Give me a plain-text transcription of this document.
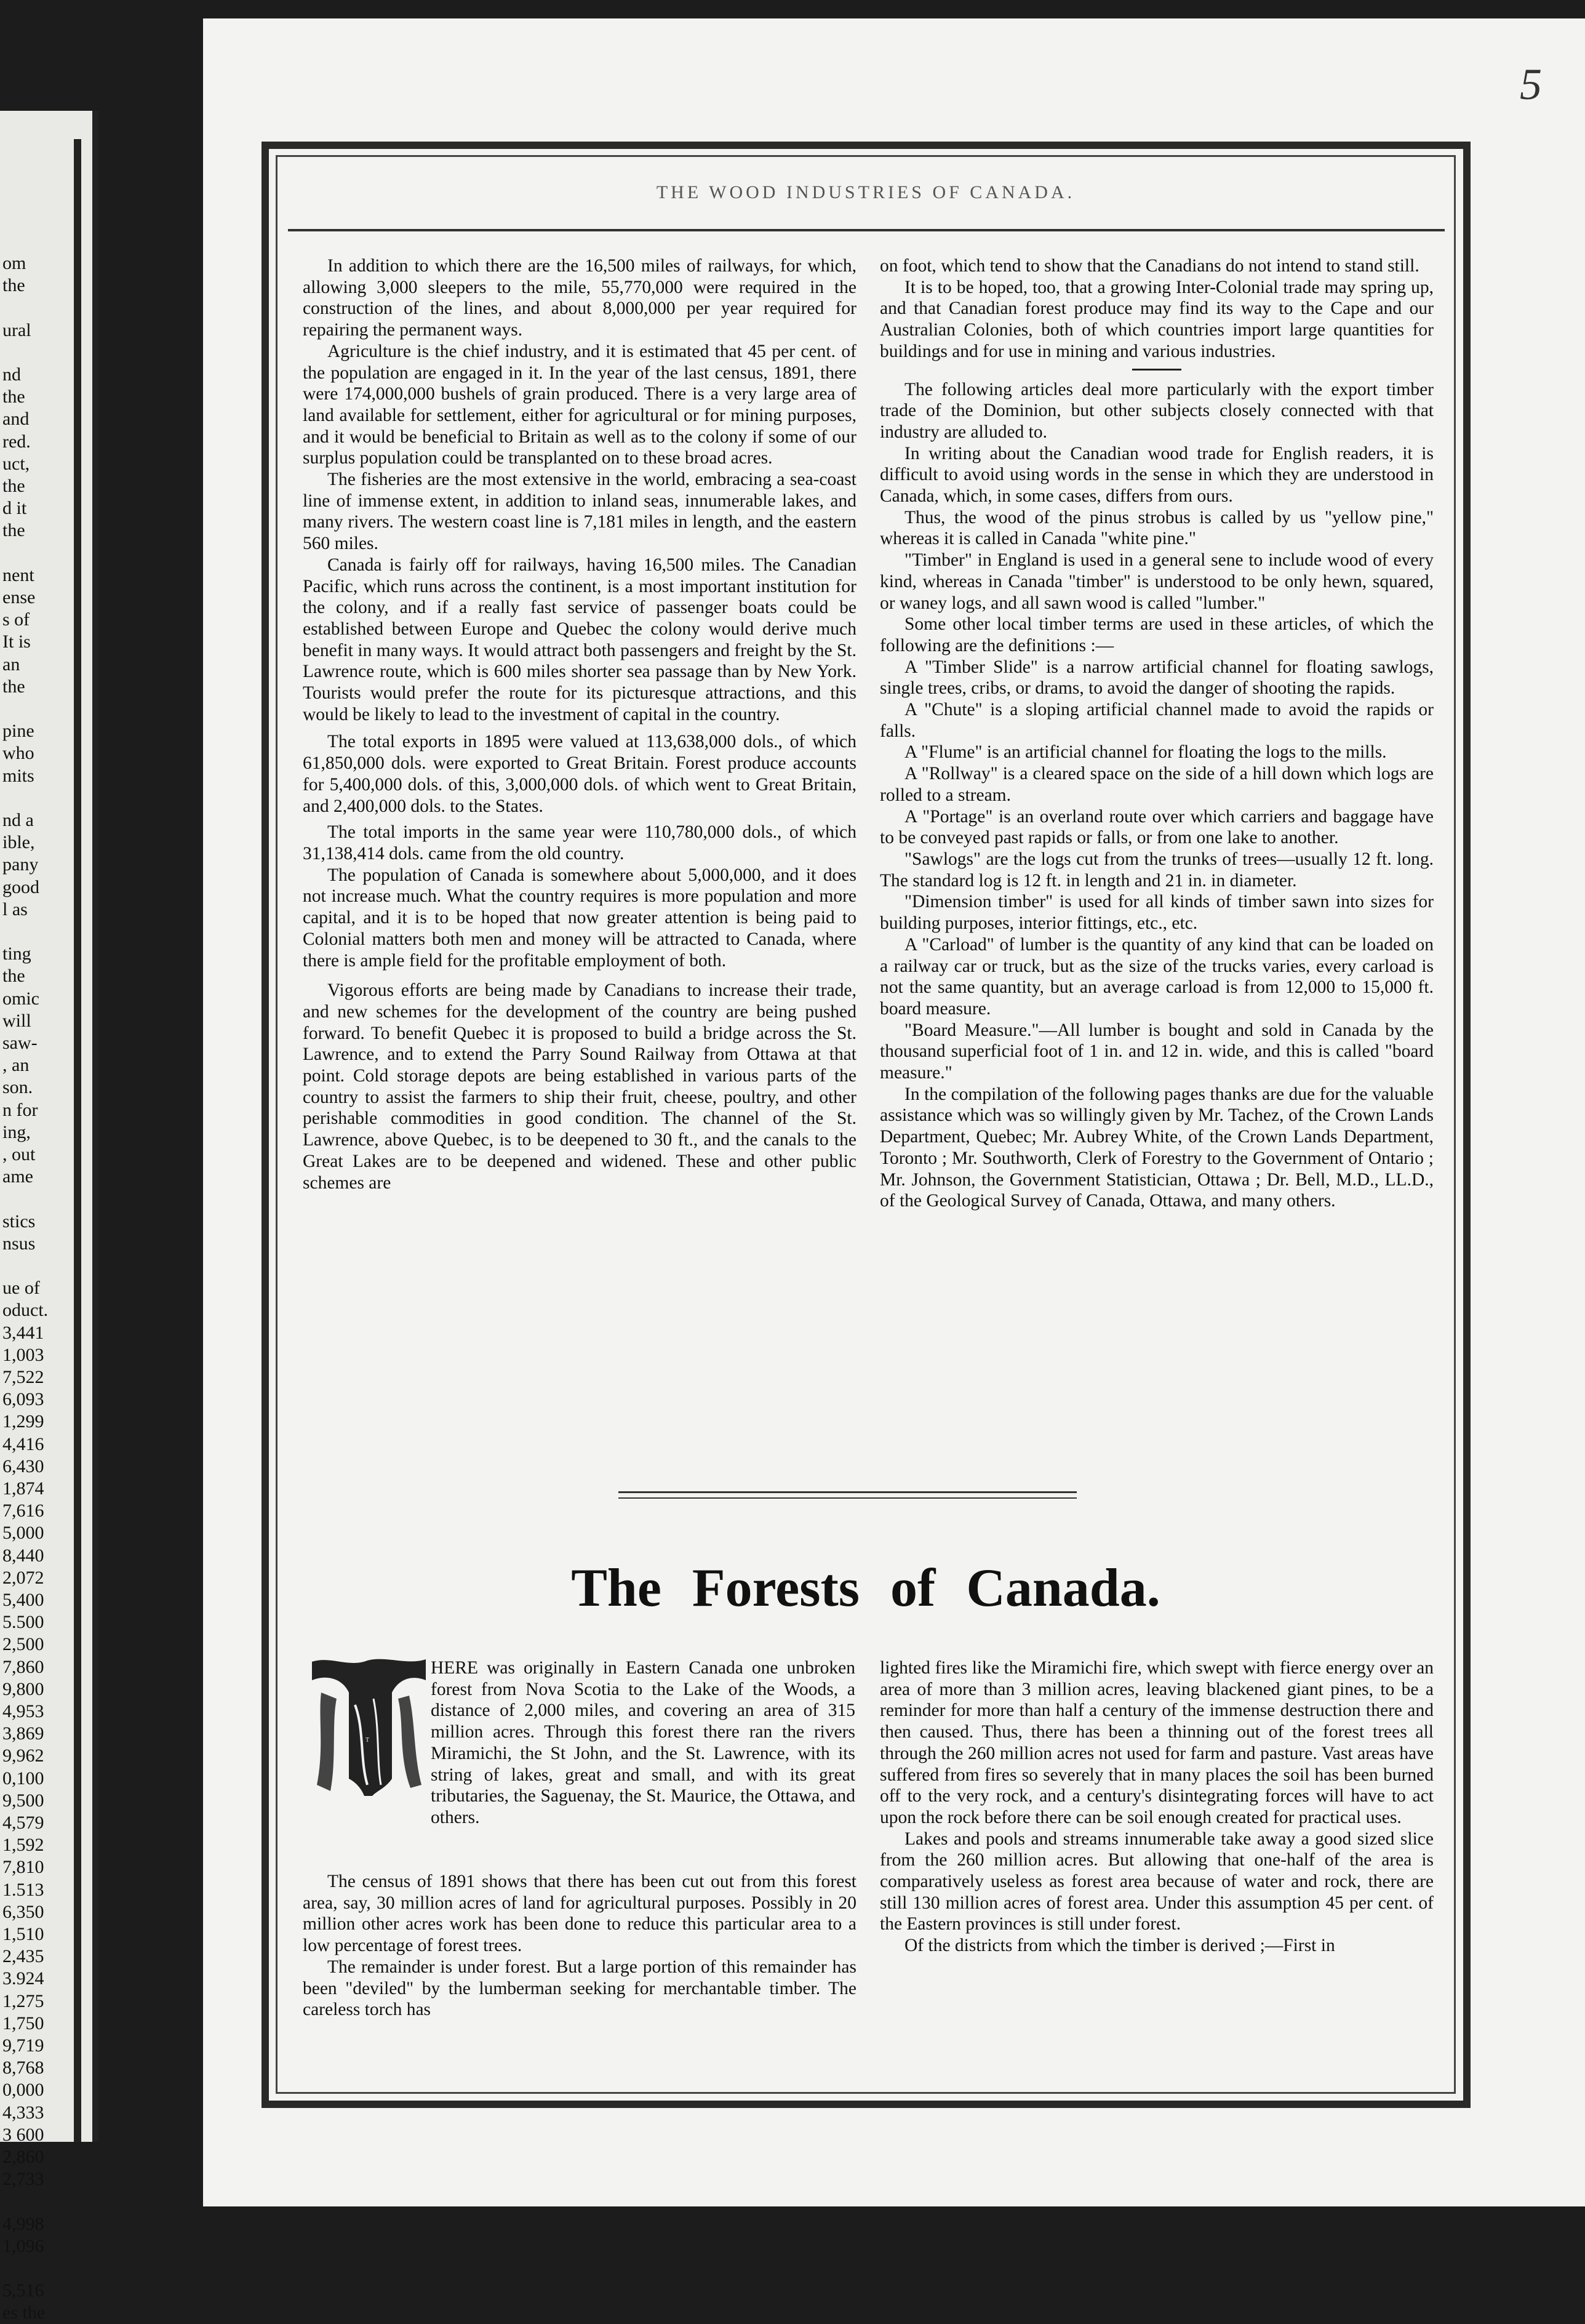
om
the
ural
nd
the
and
red.
uct,
the
d it
the
nent
ense
s of
It is
an
the
pine
who
mits
nd a
ible,
pany
good
l as
ting
the
omic
will
saw-
, an
son.
n for
ing,
, out
ame
stics
nsus
ue of
oduct.
3,441
1,003
7,522
6,093
1,299
4,416
6,430
1,874
7,616
5,000
8,440
2,072
5,400
5.500
2,500
7,860
9,800
4,953
3,869
9,962
0,100
9,500
4,579
1,592
7,810
1.513
6,350
1,510
2,435
3.924
1,275
1,750
9,719
8,768
0,000
4,333
3 600
2,860
2,733
4,998
1,096
5,516
es the
5
THE WOOD INDUSTRIES OF CANADA.

In addition to which there are the 16,500 miles of railways, for which, allowing 3,000 sleepers to the mile, 55,770,000 were required in the construction of the lines, and about 8,000,000 per year required for repairing the permanent ways.

Agriculture is the chief industry, and it is estimated that 45 per cent. of the population are engaged in it. In the year of the last census, 1891, there were 174,000,000 bushels of grain produced. There is a very large area of land available for settlement, either for agricultural or for mining purposes, and it would be beneficial to Britain as well as to the colony if some of our surplus population could be transplanted on to these broad acres.

The fisheries are the most extensive in the world, embracing a sea-coast line of immense extent, in addition to inland seas, innumerable lakes, and many rivers. The western coast line is 7,181 miles in length, and the eastern 560 miles.

Canada is fairly off for railways, having 16,500 miles. The Canadian Pacific, which runs across the continent, is a most important institution for the colony, and if a really fast service of passenger boats could be established between Europe and Quebec the colony would derive much benefit in many ways. It would attract both passengers and freight by the St. Lawrence route, which is 600 miles shorter sea passage than by New York. Tourists would prefer the route for its picturesque attractions, and this would be likely to lead to the investment of capital in the country.

The total exports in 1895 were valued at 113,638,000 dols., of which 61,850,000 dols. were exported to Great Britain. Forest produce accounts for 5,400,000 dols. of this, 3,000,000 dols. of which went to Great Britain, and 2,400,000 dols. to the States.

The total imports in the same year were 110,780,000 dols., of which 31,138,414 dols. came from the old country.

The population of Canada is somewhere about 5,000,000, and it does not increase much. What the country requires is more population and more capital, and it is to be hoped that now greater attention is being paid to Colonial matters both men and money will be attracted to Canada, where there is ample field for the profitable employment of both.

Vigorous efforts are being made by Canadians to increase their trade, and new schemes for the development of the country are being pushed forward. To benefit Quebec it is proposed to build a bridge across the St. Lawrence, and to extend the Parry Sound Railway from Ottawa at that point. Cold storage depots are being established in various parts of the country to assist the farmers to ship their fruit, cheese, poultry, and other perishable commodities in good condition. The channel of the St. Lawrence, above Quebec, is to be deepened to 30 ft., and the canals to the Great Lakes are to be deepened and widened. These and other public schemes are

on foot, which tend to show that the Canadians do not intend to stand still.

It is to be hoped, too, that a growing Inter-Colonial trade may spring up, and that Canadian forest produce may find its way to the Cape and our Australian Colonies, both of which countries import large quantities for buildings and for use in mining and various industries.

The following articles deal more particularly with the export timber trade of the Dominion, but other subjects closely connected with that industry are alluded to.

In writing about the Canadian wood trade for English readers, it is difficult to avoid using words in the sense in which they are understood in Canada, which, in some cases, differs from ours.

Thus, the wood of the pinus strobus is called by us "yellow pine," whereas it is called in Canada "white pine."

"Timber" in England is used in a general sene to include wood of every kind, whereas in Canada "timber" is understood to be only hewn, squared, or waney logs, and all sawn wood is called "lumber."

Some other local timber terms are used in these articles, of which the following are the definitions :—

A "Timber Slide" is a narrow artificial channel for floating sawlogs, single trees, cribs, or drams, to avoid the danger of shooting the rapids.

A "Chute" is a sloping artificial channel made to avoid the rapids or falls.

A "Flume" is an artificial channel for floating the logs to the mills.

A "Rollway" is a cleared space on the side of a hill down which logs are rolled to a stream.

A "Portage" is an overland route over which carriers and baggage have to be conveyed past rapids or falls, or from one lake to another.

"Sawlogs" are the logs cut from the trunks of trees—usually 12 ft. long. The standard log is 12 ft. in length and 21 in. in diameter.

"Dimension timber" is used for all kinds of timber sawn into sizes for building purposes, interior fittings, etc., etc.

A "Carload" of lumber is the quantity of any kind that can be loaded on a railway car or truck, but as the size of the trucks varies, every carload is not the same quantity, but an average carload is from 12,000 to 15,000 ft. board measure.

"Board Measure."—All lumber is bought and sold in Canada by the thousand superficial foot of 1 in. and 12 in. wide, and this is called "board measure."

In the compilation of the following pages thanks are due for the valuable assistance which was so willingly given by Mr. Tachez, of the Crown Lands Department, Quebec; Mr. Aubrey White, of the Crown Lands Department, Toronto ; Mr. Southworth, Clerk of Forestry to the Government of Ontario ; Mr. Johnson, the Government Statistician, Ottawa ; Dr. Bell, M.D., LL.D., of the Geological Survey of Canada, Ottawa, and many others.

The Forests of Canada.
T

HERE was originally in Eastern Canada one unbroken forest from Nova Scotia to the Lake of the Woods, a distance of 2,000 miles, and covering an area of 315 million acres. Through this forest there ran the rivers Miramichi, the St John, and the St. Lawrence, with its string of lakes, great and small, and with its great tributaries, the Saguenay, the St. Maurice, the Ottawa, and others.

The census of 1891 shows that there has been cut out from this forest area, say, 30 million acres of land for agricultural purposes. Possibly in 20 million other acres work has been done to reduce this particular area to a low percentage of forest trees.

The remainder is under forest. But a large portion of this remainder has been "deviled" by the lumberman seeking for merchantable timber. The careless torch has

lighted fires like the Miramichi fire, which swept with fierce energy over an area of more than 3 million acres, leaving blackened giant pines, to be a reminder for more than half a century of the immense destruction there and then caused. Thus, there has been a thinning out of the forest trees all through the 260 million acres not used for farm and pasture. Vast areas have suffered from fires so severely that in many places the soil has been burned off to the very rock, and a century's disintegrating forces will have to act upon the rock before there can be soil enough created for practical uses.

Lakes and pools and streams innumerable take away a good sized slice from the 260 million acres. But allowing that one-half of the area is comparatively useless as forest area because of water and rock, there are still 130 million acres of forest area. Under this assumption 45 per cent. of the Eastern provinces is still under forest.

Of the districts from which the timber is derived ;—First in
